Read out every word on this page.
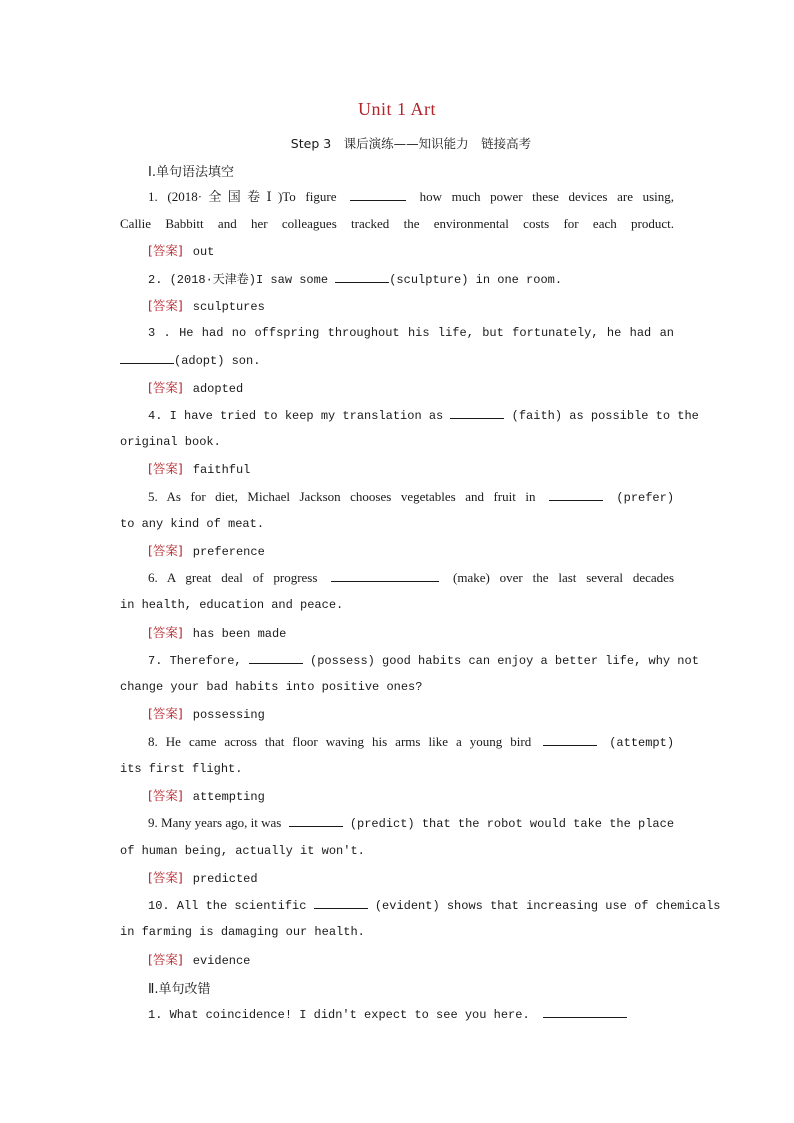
Unit 1 Art
Step 3　课后演练——知识能力　链接高考
Ⅰ.单句语法填空
1. (2018·全国卷Ⅰ)To figure	how much power these devices are using,
Callie Babbitt and her colleagues tracked the environmental costs for each product.
[答案] out
2. (2018·天津卷)I saw some	(sculpture) in one room.
[答案] sculptures
3 . He had no offspring throughout his life, but fortunately, he had an
(adopt) son.
[答案] adopted
4. I have tried to keep my translation as	(faith) as possible to the
original book.
[答案] faithful
5. As for diet, Michael Jackson chooses vegetables and fruit in	(prefer)
to any kind of meat.
[答案] preference
6. A great deal of progress	(make) over the last several decades
in health, education and peace.
[答案] has been made
7. Therefore,	(possess) good habits can enjoy a better life, why not
change your bad habits into positive ones?
[答案] possessing
8. He came across that floor waving his arms like a young bird	(attempt)
its first flight.
[答案] attempting
9. Many years ago, it was	(predict) that the robot would take the place
of human being, actually it won't.
[答案] predicted
10. All the scientific	(evident) shows that increasing use of chemicals
in farming is damaging our health.
[答案] evidence
Ⅱ.单句改错
1. What coincidence! I didn't expect to see you here.
